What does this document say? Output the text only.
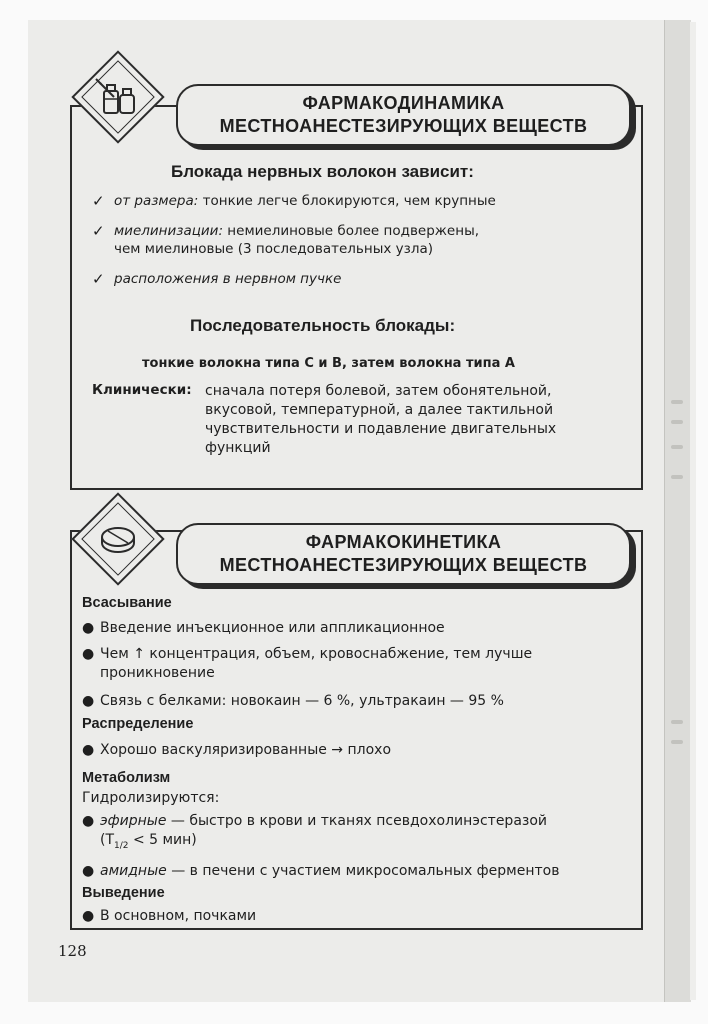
ФАРМАКОДИНАМИКА
МЕСТНОАНЕСТЕЗИРУЮЩИХ ВЕЩЕСТВ
Блокада нервных волокон зависит:
✓ от размера: тонкие легче блокируются, чем крупные
✓ миелинизации: немиелиновые более подвержены,
чем миелиновые (3 последовательных узла)
✓ расположения в нервном пучке
Последовательность блокады:
тонкие волокна типа С и В, затем волокна типа А
Клинически: сначала потеря болевой, затем обонятельной,
вкусовой, температурной, а далее тактильной
чувствительности и подавление двигательных
функций
ФАРМАКОКИНЕТИКА
МЕСТНОАНЕСТЕЗИРУЮЩИХ ВЕЩЕСТВ
Всасывание
● Введение инъекционное или аппликационное
● Чем ↑ концентрация, объем, кровоснабжение, тем лучше
проникновение
● Связь с белками: новокаин — 6 %, ультракаин — 95 %
Распределение
● Хорошо васкуляризированные → плохо
Метаболизм
Гидролизируются:
● эфирные — быстро в крови и тканях псевдохолинэстеразой
($T_{1/2} < 5$ мин)
● амидные — в печени с участием микросомальных ферментов
Выведение
● В основном, почками
128
